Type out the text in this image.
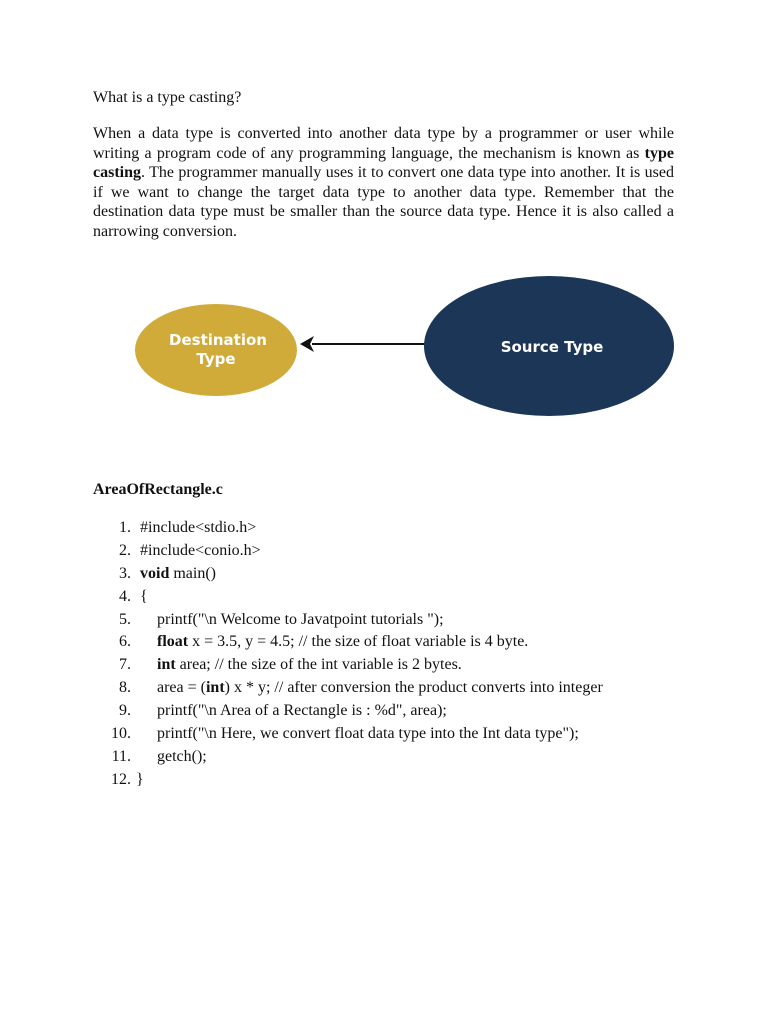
What is a type casting?

When a data type is converted into another data type by a programmer or user while writing a program code of any programming language, the mechanism is known as type casting. The programmer manually uses it to convert one data type into another. It is used if we want to change the target data type to another data type. Remember that the destination data type must be smaller than the source data type. Hence it is also called a narrowing conversion.

Destination
Type
Source Type

AreaOfRectangle.c

1. #include<stdio.h>
2. #include<conio.h>
3. void main()
4. {
5. printf("\n Welcome to Javatpoint tutorials ");
6. float x = 3.5, y = 4.5; // the size of float variable is 4 byte.
7. int area; // the size of the int variable is 2 bytes.
8. area = (int) x * y; // after conversion the product converts into integer
9. printf("\n Area of a Rectangle is : %d", area);
10. printf("\n Here, we convert float data type into the Int data type");
11. getch();
12. }
